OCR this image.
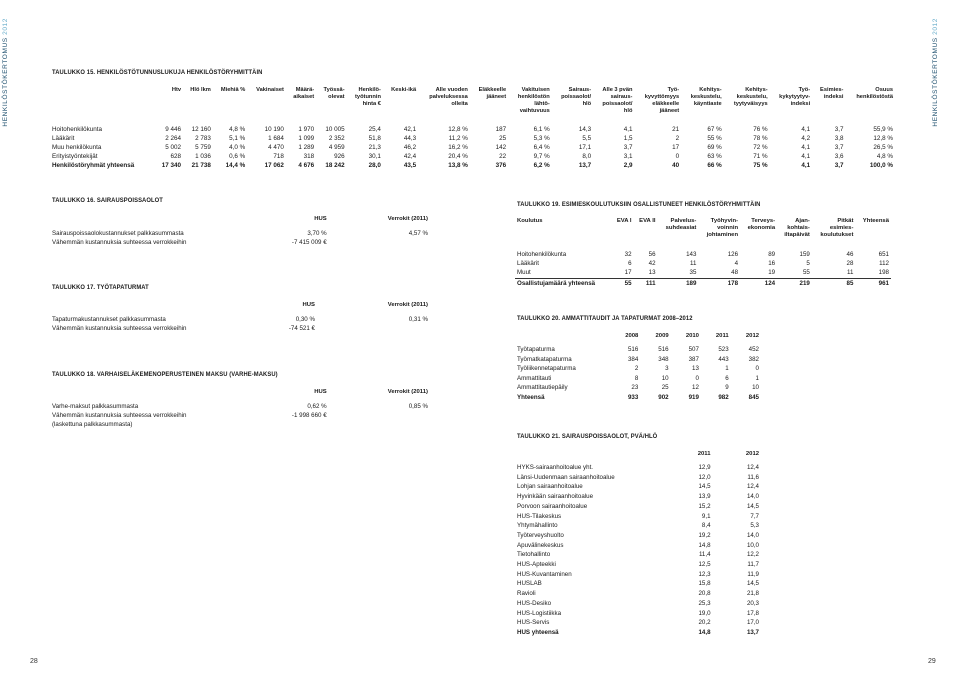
HENKILÖSTÖKERTOMUS 2012
HENKILÖSTÖKERTOMUS 2012
28	29
TAULUKKO 15. HENKILÖSTÖTUNNUSLUKUJA HENKILÖSTÖRYHMITTÄIN
	Htv	Hlö lkm	Miehiä %	Vakinaiset	Määrä-
aikaiset	Työssä-
olevat	Henkilö-
työtunnin
hinta €	Keski-ikä	Alle vuoden
palveluksessa
olleita	Eläkkeelle
jääneet	Vakituisen
henkilöstön
lähtö-
vaihtuvuus	Sairaus-
poissaolot/
hlö	Alle 3 pvän
sairaus-
poissaolot/
hlö	Työ-
kyvyttömyys
eläkkeelle
jääneet	Kehitys-
keskustelu,
käyntiaste	Kehitys-
keskustelu,
tyytyväisyys	Työ-
kykytyytyv-
indeksi	Esimies-
indeksi	Osuus
henkilöstöstä
Hoitohenkilökunta	9 446	12 160	4,8 %	10 190	1 970	10 005	25,4	42,1	12,8 %	187	6,1 %	14,3	4,1	21	67 %	76 %	4,1	3,7	55,9 %
Lääkärit	2 264	2 783	5,1 %	1 684	1 099	2 352	51,8	44,3	11,2 %	25	5,3 %	5,5	1,5	2	55 %	78 %	4,2	3,8	12,8 %
Muu henkilökunta	5 002	5 759	4,0 %	4 470	1 289	4 959	21,3	46,2	16,2 %	142	6,4 %	17,1	3,7	17	69 %	72 %	4,1	3,7	26,5 %
Erityistyöntekijät	628	1 036	0,6 %	718	318	926	30,1	42,4	20,4 %	22	9,7 %	8,0	3,1	0	63 %	71 %	4,1	3,6	4,8 %
Henkilöstöryhmät yhteensä	17 340	21 738	14,4 %	17 062	4 676	18 242	28,0	43,5	13,8 %	376	6,2 %	13,7	2,9	40	66 %	75 %	4,1	3,7	100,0 %
TAULUKKO 16. SAIRAUSPOISSAOLOT
	HUS	Verrokit (2011)

Sairauspoissaolokustannukset palkkasummasta	3,70 %	4,57 %
Vähemmän kustannuksia suhteessa verrokkeihin	-7 415 009 €	
TAULUKKO 17. TYÖTAPATURMAT
	HUS	Verrokit (2011)

Tapaturmakustannukset palkkasummasta	0,30 %	0,31 %
Vähemmän kustannuksia suhteessa verrokkeihin	-74 521 €	
TAULUKKO 18. VARHAISELÄKEMENOPERUSTEINEN MAKSU (VARHE-MAKSU)
	HUS	Verrokit (2011)

Varhe-maksut palkkasummasta	0,62 %	0,85 %
Vähemmän kustannuksia suhteessa verrokkeihin
(laskettuna palkkasummasta)	-1 998 660 €	
TAULUKKO 19. ESIMIESKOULUTUKSIIN OSALLISTUNEET HENKILÖSTÖRYHMITTÄIN
Koulutus	EVA I	EVA II	Palvelus-
suhdeasiat	Työhyvin-
voinnin
johtaminen	Terveys-
ekonomia	Ajan-
kohtais-
iltapäivät	Pitkät
esimies-
koulutukset	Yhteensä

Hoitohenkilökunta	32	56	143	126	89	159	46	651
Lääkärit	6	42	11	4	16	5	28	112
Muut	17	13	35	48	19	55	11	198
Osallistujamäärä yhteensä	55	111	189	178	124	219	85	961
TAULUKKO 20. AMMATTITAUDIT JA TAPATURMAT 2008–2012
	2008	2009	2010	2011	2012

Työtapaturma	516	516	507	523	452
Työmatkatapaturma	384	348	387	443	382
Työliikennetapaturma	2	3	13	1	0
Ammattitauti	8	10	0	6	1
Ammattitautiepäily	23	25	12	9	10
Yhteensä	933	902	919	982	845
TAULUKKO 21. SAIRAUSPOISSAOLOT, PVÄ/HLÖ
	2011	2012

HYKS-sairaanhoitoalue yht.	12,9	12,4
Länsi-Uudenmaan sairaanhoitoalue	12,0	11,6
Lohjan sairaanhoitoalue	14,5	12,4
Hyvinkään sairaanhoitoalue	13,9	14,0
Porvoon sairaanhoitoalue	15,2	14,5
HUS-Tilakeskus	9,1	7,7
Yhtymähallinto	8,4	5,3
Työterveyshuolto	19,2	14,0
Apuvälinekeskus	14,8	10,0
Tietohallinto	11,4	12,2
HUS-Apteekki	12,5	11,7
HUS-Kuvantaminen	12,3	11,9
HUSLAB	15,8	14,5
Ravioli	20,8	21,8
HUS-Desiko	25,3	20,3
HUS-Logistiikka	19,0	17,8
HUS-Servis	20,2	17,0
HUS yhteensä	14,8	13,7
